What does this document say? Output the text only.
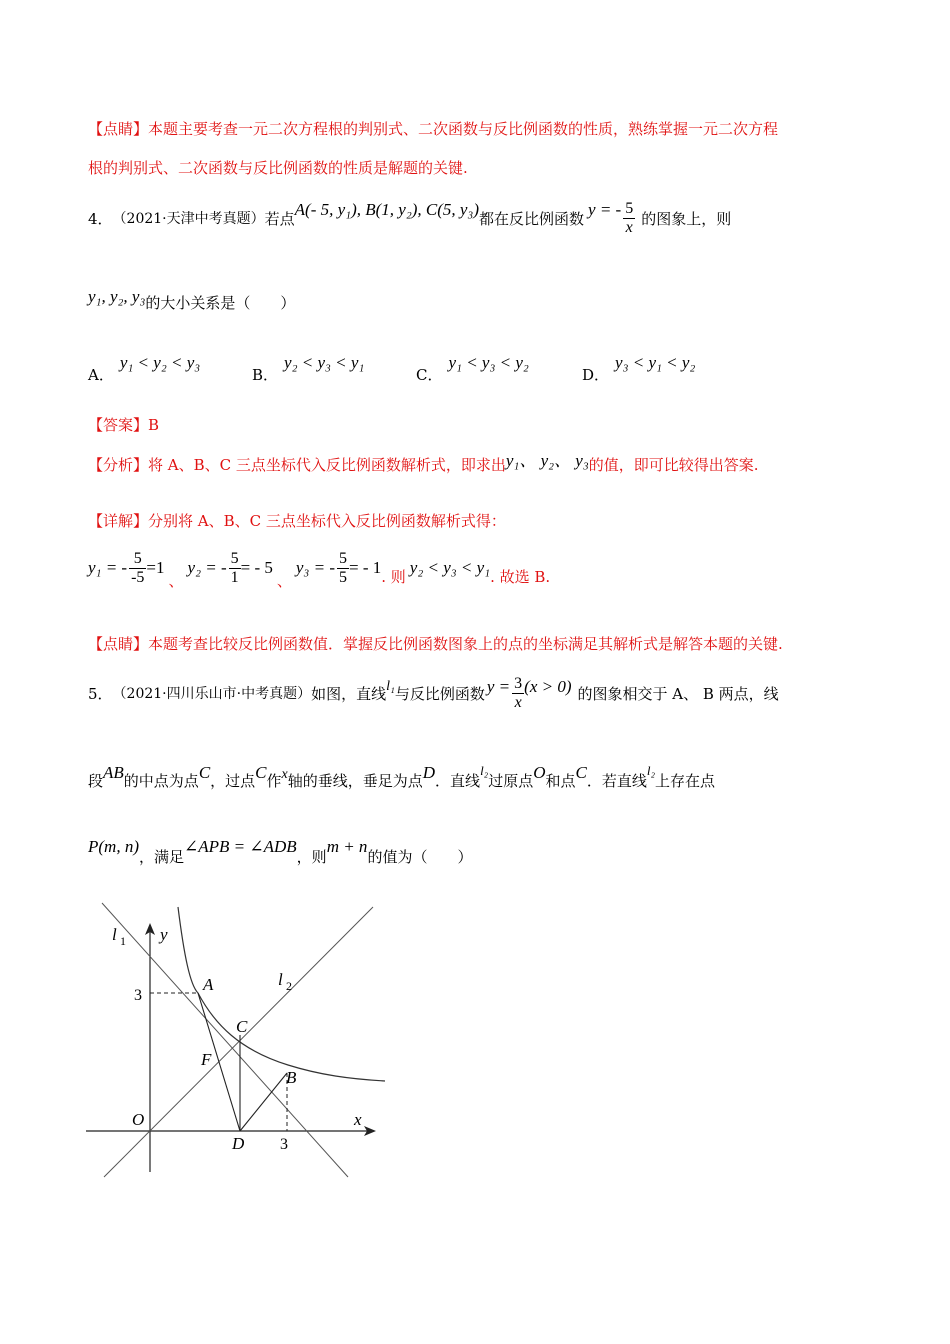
【点睛】本题主要考查一元二次方程根的判别式、二次函数与反比例函数的性质，熟练掌握一元二次方程
根的判别式、二次函数与反比例函数的性质是解题的关键.
4． （2021·天津中考真题） 若点 A(- 5, y₁), B(1, y₂), C(5, y₃) 都在反比例函数 y = - $\frac{5}{x}$ 的图象上，则
y₁, y₂, y₃ 的大小关系是（　　）
A．y₁ < y₂ < y₃
B．y₂ < y₃ < y₁
C．y₁ < y₃ < y₂
D．y₃ < y₁ < y₂
【答案】B
【分析】 将 A、B、C 三点坐标代入反比例函数解析式，即求出 y₁、 y₂、 y₃ 的值，即可比较得出答案.
【详解】分别将 A、B、C 三点坐标代入反比例函数解析式得：
y₁ = - $\frac{5}{-5} =1$
、
y₂ = - $\frac{5}{1}$ = - 5
、
y₃ = - $\frac{5}{5}$ = - 1 . 则 y₂ < y₃ < y₁ . 故选 B.
【点睛】本题考查比较反比例函数值．掌握反比例函数图象上的点的坐标满足其解析式是解答本题的关键.
5． （2021·四川乐山市·中考真题） 如图，直线 l₁ 与反比例函数 $y = \frac{3}{x} (x > 0)$ 的图象相交于 A、 B 两点，线
段 AB 的中点为点 C ，过点 C 作 x 轴的垂线，垂足为点 D ．直线
l₂
过原点 O 和点 C ．若直线
l₂
上存在点
P(m, n)
，满足
∠APB = ∠ADB
，则
m + n
的值为（　　）
l 1 y
l 2
3
A
C
F
B
O	x
D 3
